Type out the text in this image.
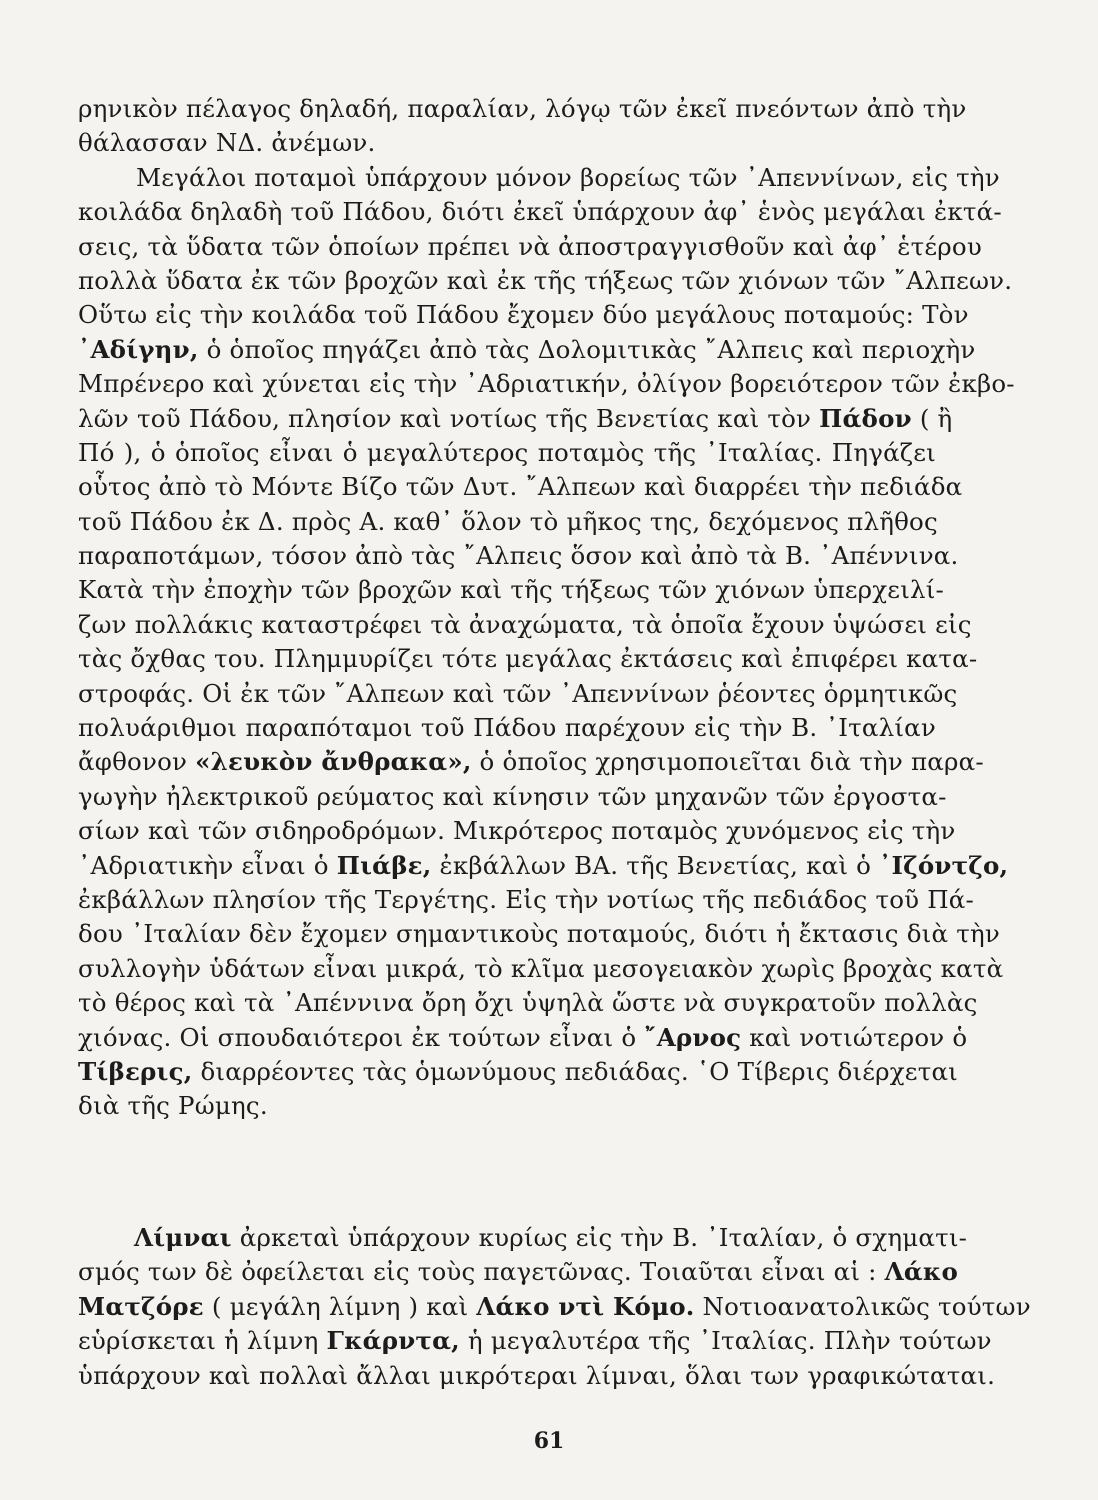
ρηνικὸν πέλαγος δηλαδή, παραλίαν, λόγῳ τῶν ἐκεῖ πνεόντων ἀπὸ τὴν
θάλασσαν ΝΔ. ἀνέμων.
Μεγάλοι ποταμοὶ ὑπάρχουν μόνον βορείως τῶν ᾿Απεννίνων, εἰς τὴν
κοιλάδα δηλαδὴ τοῦ Πάδου, διότι ἐκεῖ ὑπάρχουν ἀφ᾿ ἑνὸς μεγάλαι ἐκτά-
σεις, τὰ ὕδατα τῶν ὁποίων πρέπει νὰ ἀποστραγγισθοῦν καὶ ἀφ᾿ ἑτέρου
πολλὰ ὕδατα ἐκ τῶν βροχῶν καὶ ἐκ τῆς τήξεως τῶν χιόνων τῶν ῎Αλπεων.
Οὕτω εἰς τὴν κοιλάδα τοῦ Πάδου ἔχομεν δύο μεγάλους ποταμούς: Τὸν
᾿Αδίγην, ὁ ὁποῖος πηγάζει ἀπὸ τὰς Δολομιτικὰς ῎Αλπεις καὶ περιοχὴν
Μπρένερο καὶ χύνεται εἰς τὴν ᾿Αδριατικήν, ὀλίγον βορειότερον τῶν ἐκβο-
λῶν τοῦ Πάδου, πλησίον καὶ νοτίως τῆς Βενετίας καὶ τὸν Πάδον ( ἢ
Πό ), ὁ ὁποῖος εἶναι ὁ μεγαλύτερος ποταμὸς τῆς ᾿Ιταλίας. Πηγάζει
οὗτος ἀπὸ τὸ Μόντε Βίζο τῶν Δυτ. ῎Αλπεων καὶ διαρρέει τὴν πεδιάδα
τοῦ Πάδου ἐκ Δ. πρὸς Α. καθ᾿ ὅλον τὸ μῆκος της, δεχόμενος πλῆθος
παραποτάμων, τόσον ἀπὸ τὰς ῎Αλπεις ὅσον καὶ ἀπὸ τὰ Β. ᾿Απέννινα.
Κατὰ τὴν ἐποχὴν τῶν βροχῶν καὶ τῆς τήξεως τῶν χιόνων ὑπερχειλί-
ζων πολλάκις καταστρέφει τὰ ἀναχώματα, τὰ ὁποῖα ἔχουν ὑψώσει εἰς
τὰς ὄχθας του. Πλημμυρίζει τότε μεγάλας ἐκτάσεις καὶ ἐπιφέρει κατα-
στροφάς. Οἱ ἐκ τῶν ῎Αλπεων καὶ τῶν ᾿Απεννίνων ῥέοντες ὁρμητικῶς
πολυάριθμοι παραπόταμοι τοῦ Πάδου παρέχουν εἰς τὴν Β. ᾿Ιταλίαν
ἄφθονον «λευκὸν ἄνθρακα», ὁ ὁποῖος χρησιμοποιεῖται διὰ τὴν παρα-
γωγὴν ἠλεκτρικοῦ ρεύματος καὶ κίνησιν τῶν μηχανῶν τῶν ἐργοστα-
σίων καὶ τῶν σιδηροδρόμων. Μικρότερος ποταμὸς χυνόμενος εἰς τὴν
᾿Αδριατικὴν εἶναι ὁ Πιάβε, ἐκβάλλων ΒΑ. τῆς Βενετίας, καὶ ὁ ᾿Ιζόντζο,
ἐκβάλλων πλησίον τῆς Τεργέτης. Εἰς τὴν νοτίως τῆς πεδιάδος τοῦ Πά-
δου ᾿Ιταλίαν δὲν ἔχομεν σημαντικοὺς ποταμούς, διότι ἡ ἔκτασις διὰ τὴν
συλλογὴν ὑδάτων εἶναι μικρά, τὸ κλῖμα μεσογειακὸν χωρὶς βροχὰς κατὰ
τὸ θέρος καὶ τὰ ᾿Απέννινα ὄρη ὄχι ὑψηλὰ ὥστε νὰ συγκρατοῦν πολλὰς
χιόνας. Οἱ σπουδαιότεροι ἐκ τούτων εἶναι ὁ ῎Αρνος καὶ νοτιώτερον ὁ
Τίβερις, διαρρέοντες τὰς ὁμωνύμους πεδιάδας. ῾Ο Τίβερις διέρχεται
διὰ τῆς Ρώμης.
Λίμναι ἀρκεταὶ ὑπάρχουν κυρίως εἰς τὴν Β. ᾿Ιταλίαν, ὁ σχηματι-
σμός των δὲ ὀφείλεται εἰς τοὺς παγετῶνας. Τοιαῦται εἶναι αἱ : Λάκο
Ματζόρε ( μεγάλη λίμνη ) καὶ Λάκο ντὶ Κόμο. Νοτιοανατολικῶς τούτων
εὑρίσκεται ἡ λίμνη Γκάρντα, ἡ μεγαλυτέρα τῆς ᾿Ιταλίας. Πλὴν τούτων
ὑπάρχουν καὶ πολλαὶ ἄλλαι μικρότεραι λίμναι, ὅλαι των γραφικώταται.
61
